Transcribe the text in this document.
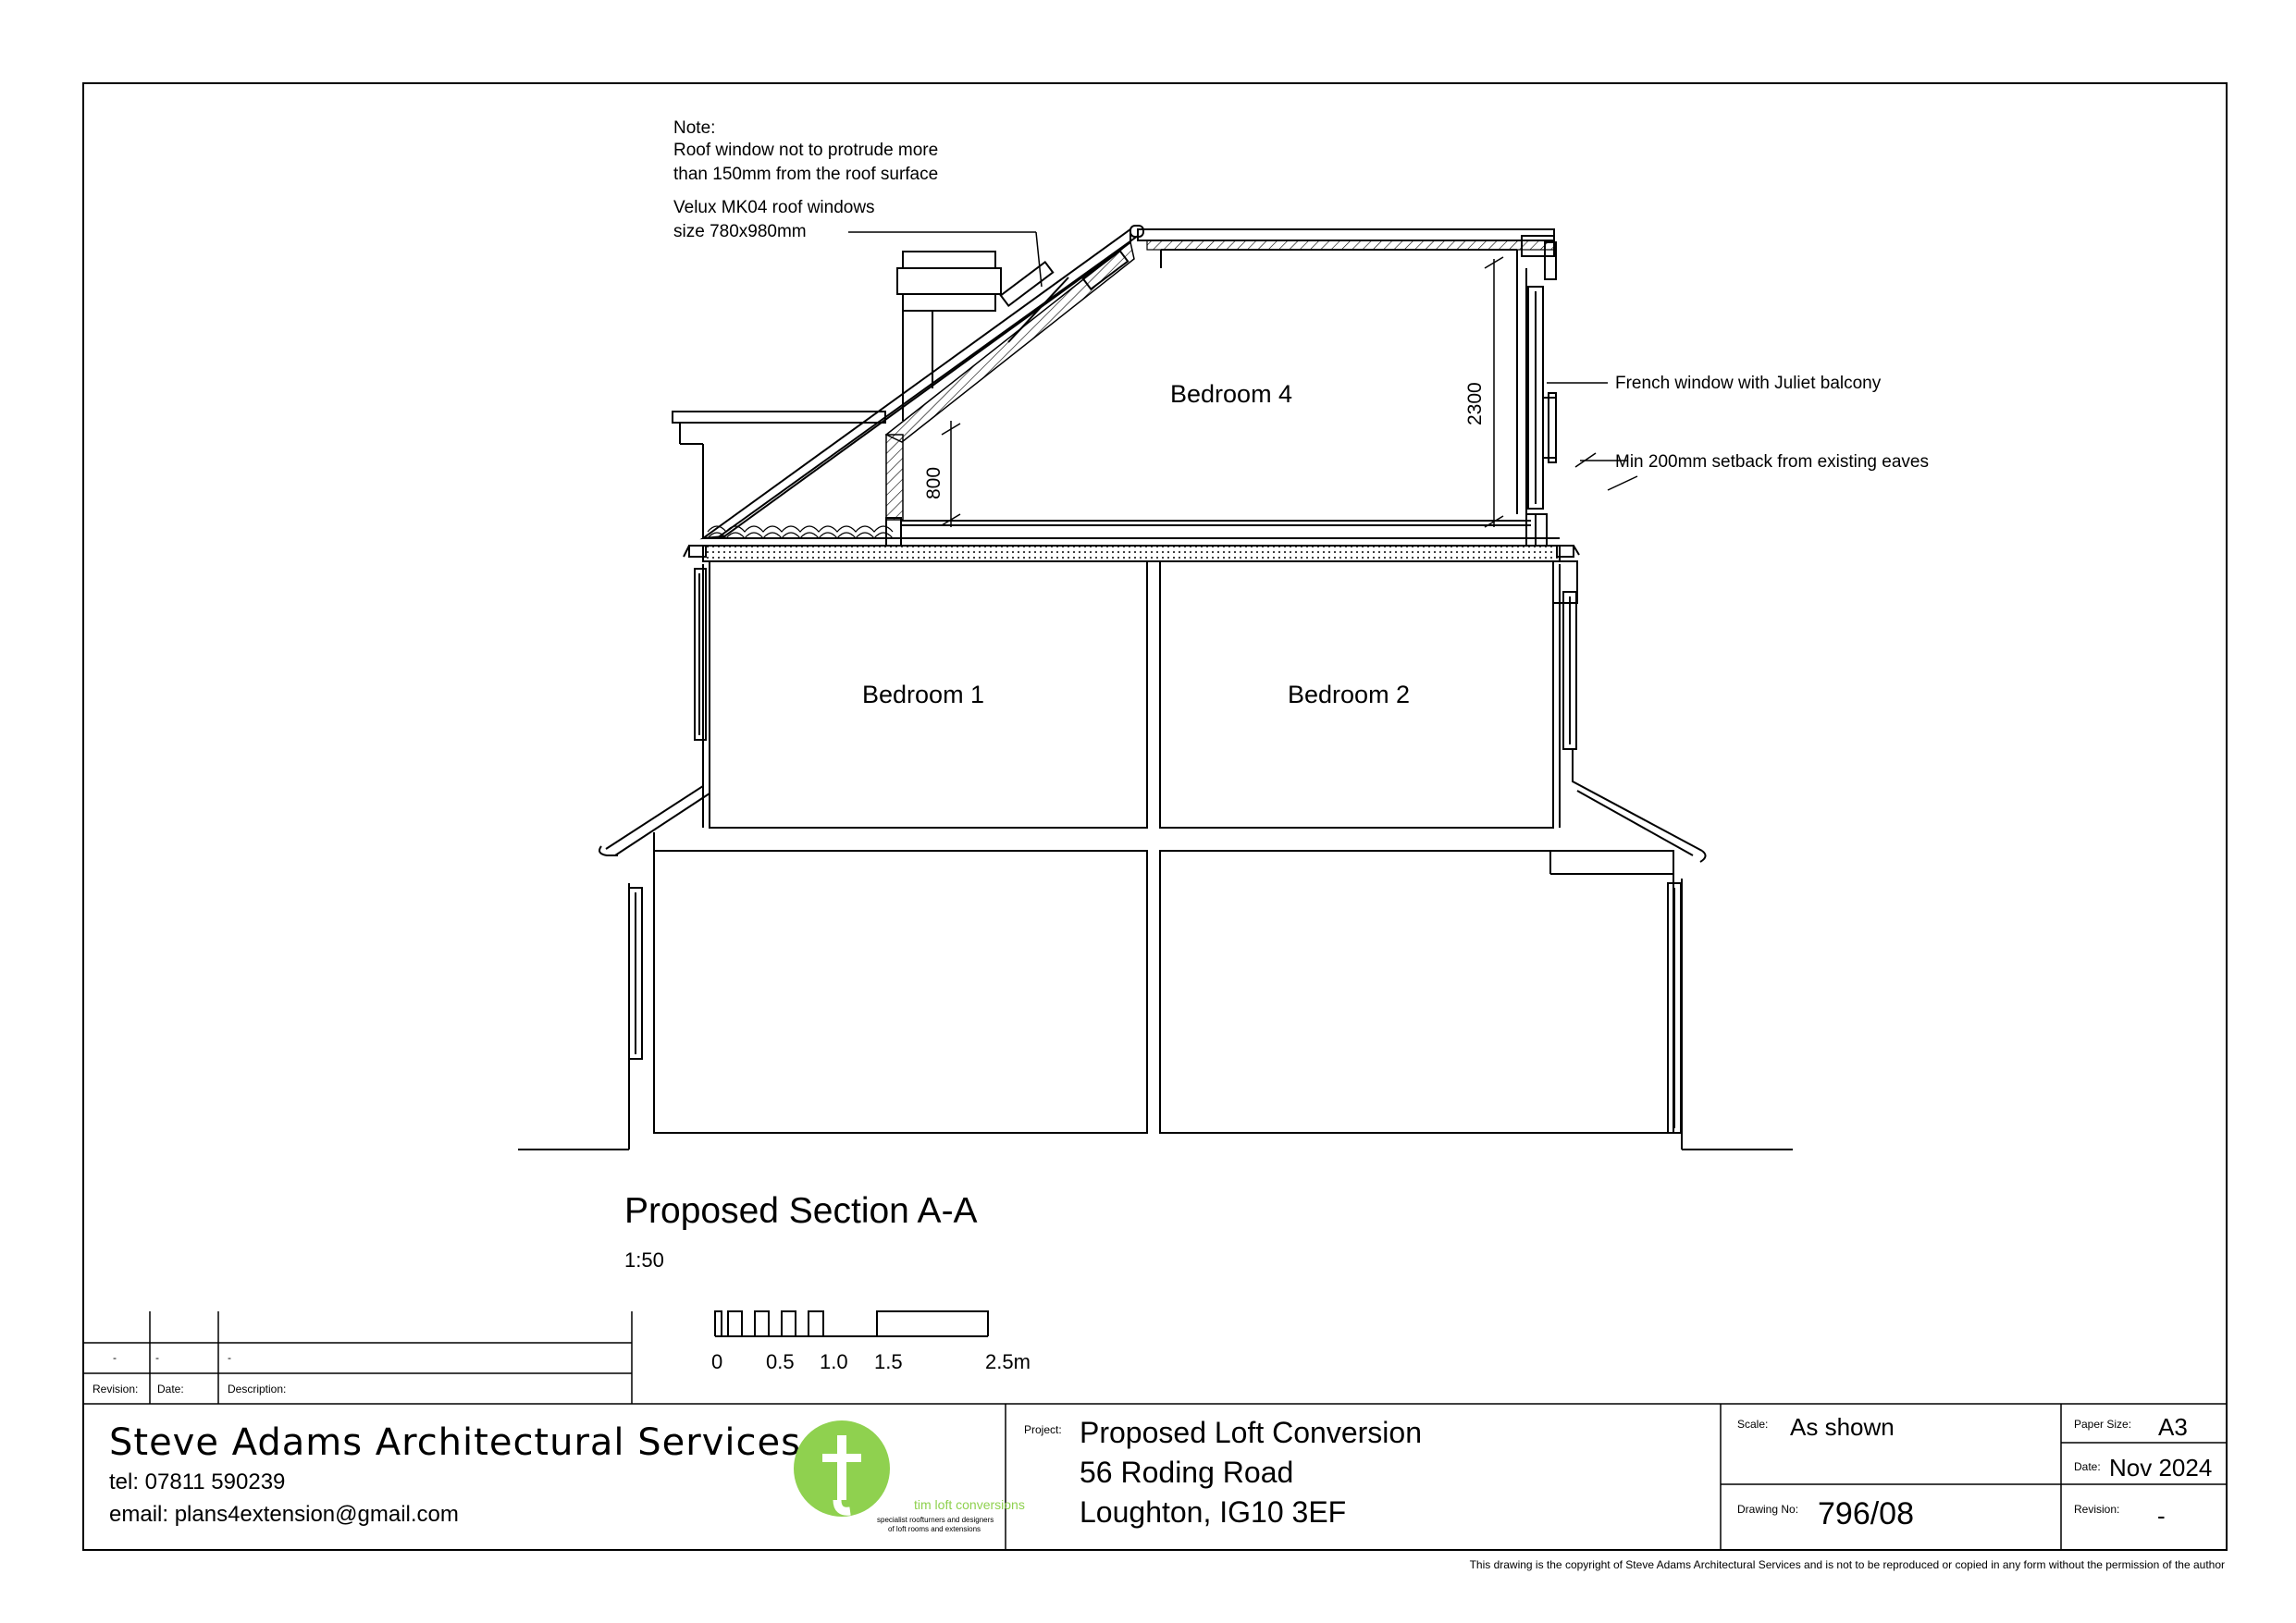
Note:
Roof window not to protrude more
than 150mm from the roof surface
Velux MK04 roof windows
size 780x980mm
French window with Juliet balcony
Min 200mm setback from existing eaves
Bedroom 4
Bedroom 1	Bedroom 2
2300
800
Proposed Section A-A
1:50
0 0.5 1.0 1.5	2.5m
-	-	-
Revision: Date:	Description:
Steve Adams Architectural Services
tel: 07811 590239
email: plans4extension@gmail.com	tim loft conversions
specialist roofturners and designers
of loft rooms and extensions
Project: Proposed Loft Conversion
56 Roding Road
Loughton, IG10 3EF
Scale: As shown
Drawing No: 796/08
Paper Size: A3
Date: Nov 2024
Revision: -
This drawing is the copyright of Steve Adams Architectural Services and is not to be reproduced or copied in any form without the permission of the author
